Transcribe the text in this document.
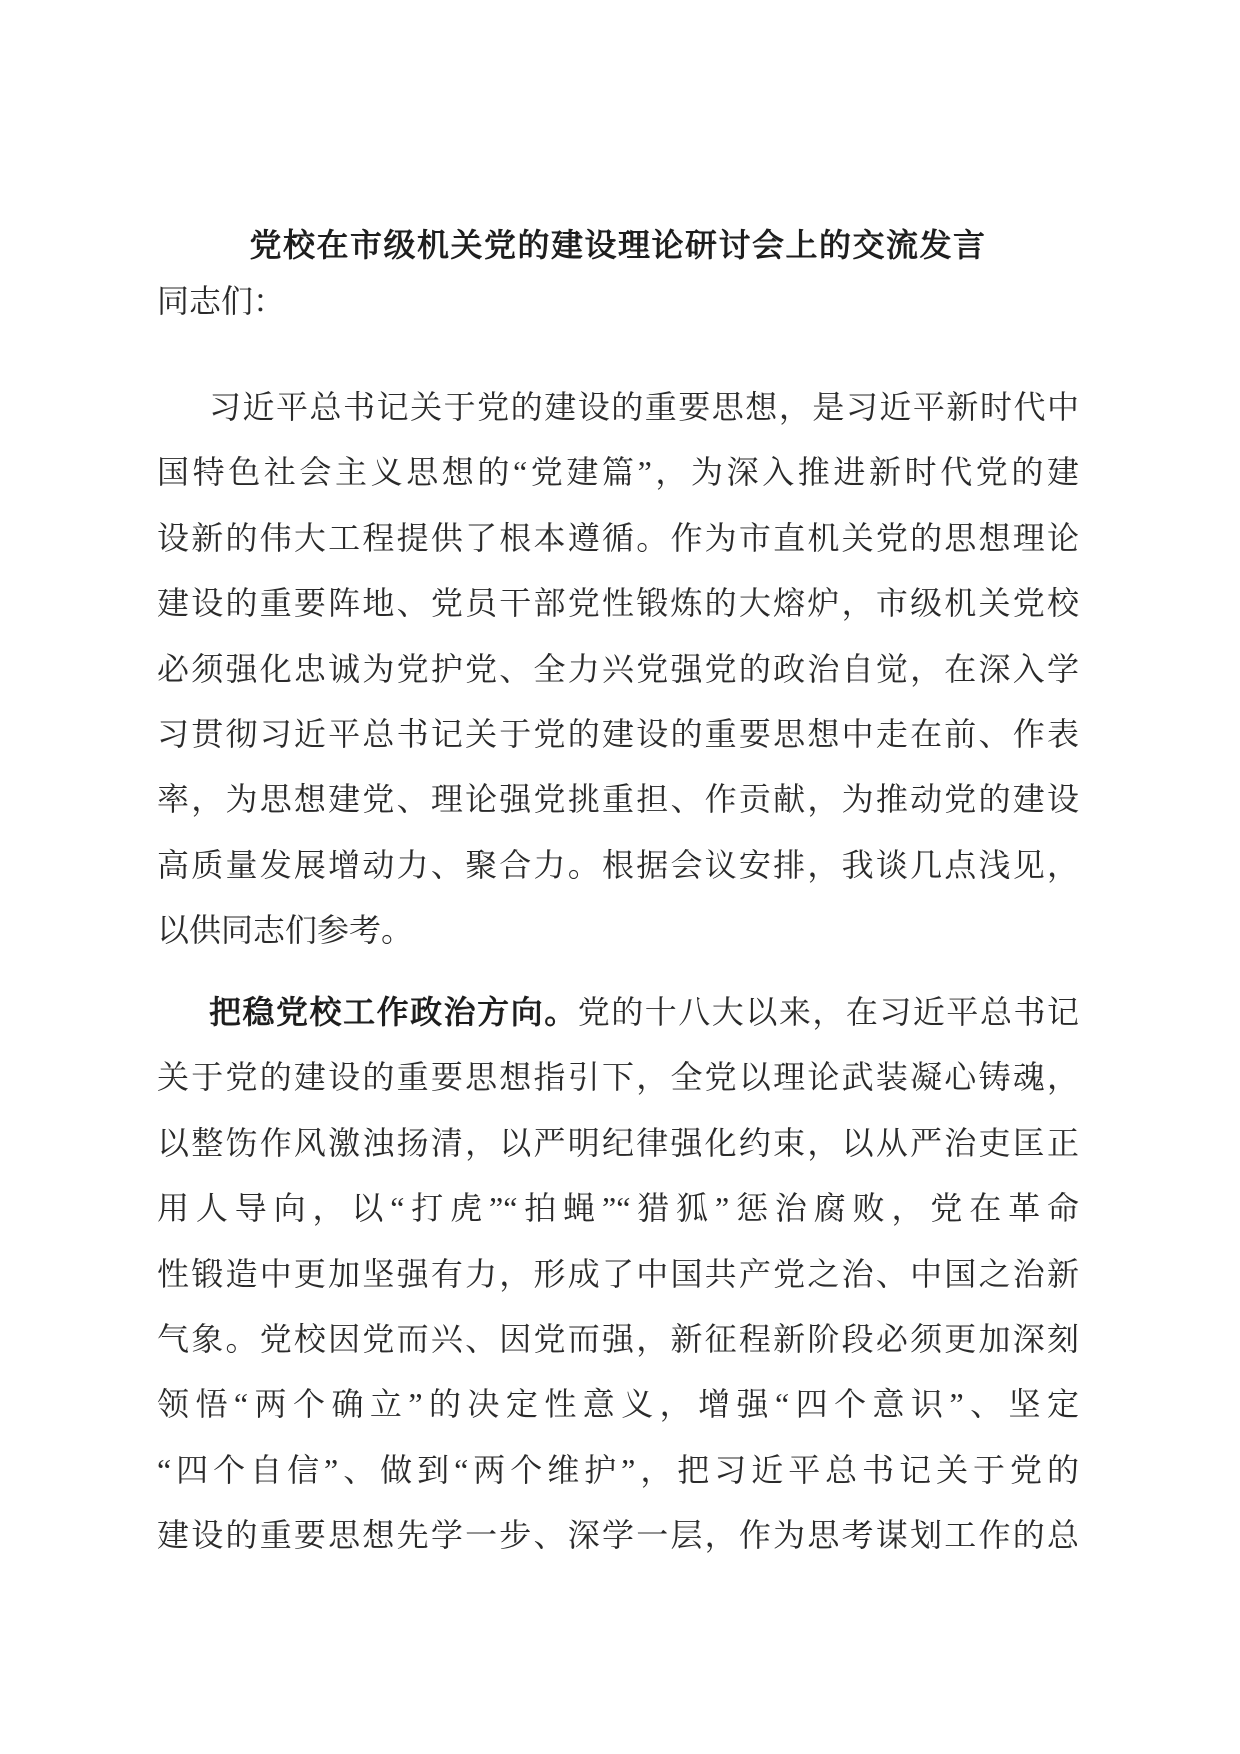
党校在市级机关党的建设理论研讨会上的交流发言
同志们：
习近平总书记关于党的建设的重要思想，是习近平新时代中
国特色社会主义思想的“党建篇”，为深入推进新时代党的建
设新的伟大工程提供了根本遵循。作为市直机关党的思想理论
建设的重要阵地、党员干部党性锻炼的大熔炉，市级机关党校
必须强化忠诚为党护党、全力兴党强党的政治自觉，在深入学
习贯彻习近平总书记关于党的建设的重要思想中走在前、作表
率，为思想建党、理论强党挑重担、作贡献，为推动党的建设
高质量发展增动力、聚合力。根据会议安排，我谈几点浅见，
以供同志们参考。
把稳党校工作政治方向。党的十八大以来，在习近平总书记
关于党的建设的重要思想指引下，全党以理论武装凝心铸魂，
以整饬作风激浊扬清，以严明纪律强化约束，以从严治吏匡正
用人导向，以“打虎”“拍蝇”“猎狐”惩治腐败，党在革命
性锻造中更加坚强有力，形成了中国共产党之治、中国之治新
气象。党校因党而兴、因党而强，新征程新阶段必须更加深刻
领悟“两个确立”的决定性意义，增强“四个意识”、坚定
“四个自信”、做到“两个维护”，把习近平总书记关于党的
建设的重要思想先学一步、深学一层，作为思考谋划工作的总
